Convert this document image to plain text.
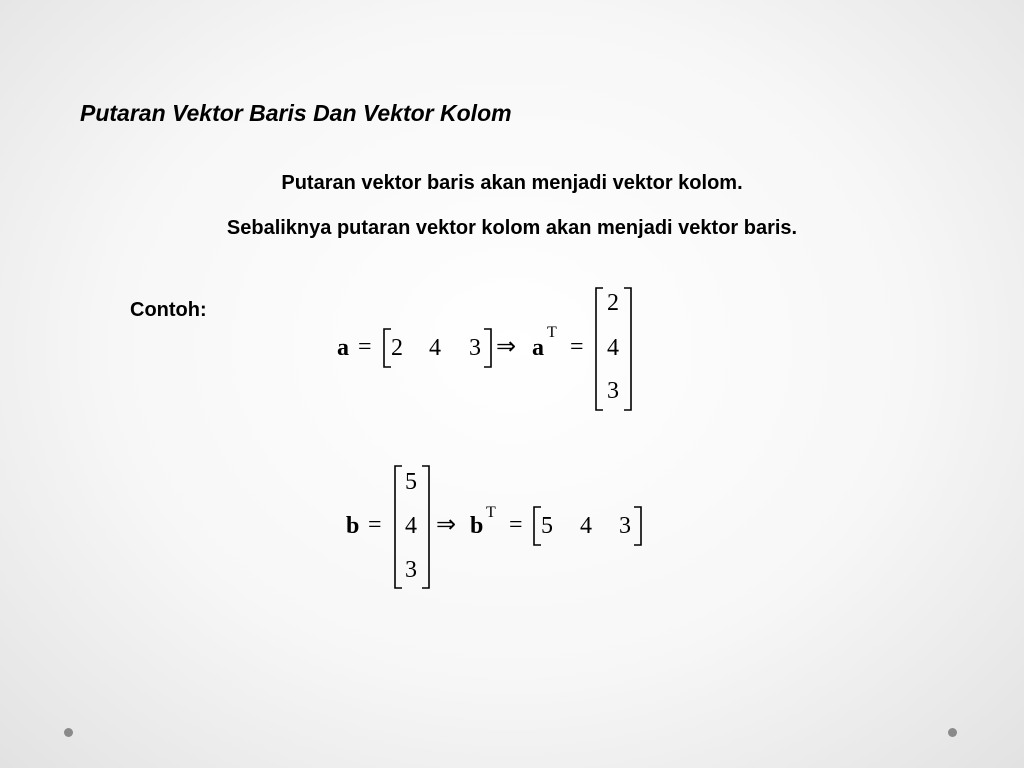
Putaran Vektor Baris Dan Vektor Kolom
Putaran vektor baris akan menjadi vektor kolom.
Sebaliknya putaran vektor kolom akan menjadi vektor baris.
Contoh:
a = 2 4 3 ⇒ a
T
=
2
4
3
b =
5
4
3
⇒ b
T = 5 4 3
